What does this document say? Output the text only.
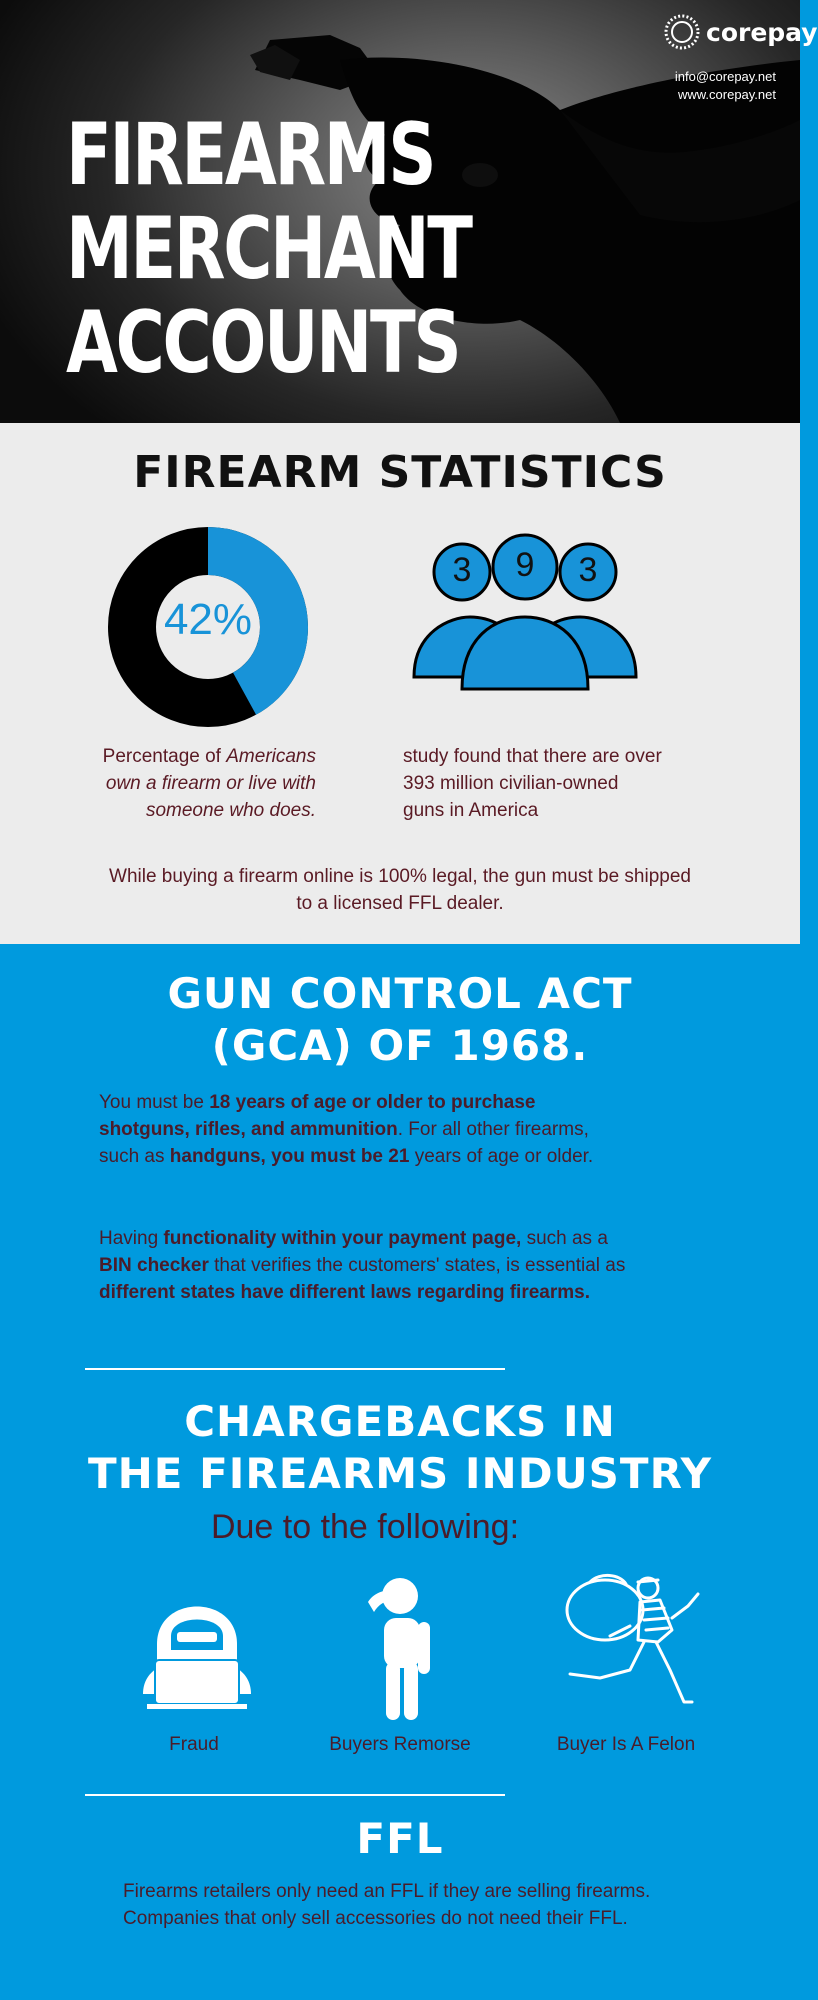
FIREARMS
MERCHANT
ACCOUNTS
corepay
info@corepay.net
www.corepay.net
FIREARM STATISTICS
42%
3	9	3
Percentage of Americans own a firearm or live with someone who does.
study found that there are over 393 million civilian-owned guns in America
While buying a firearm online is 100% legal, the gun must be shipped to a licensed FFL dealer.
GUN CONTROL ACT
(GCA) OF 1968.
You must be 18 years of age or older to purchase shotguns, rifles, and ammunition. For all other firearms, such as handguns, you must be 21 years of age or older.
Having functionality within your payment page, such as a BIN checker that verifies the customers' states, is essential as different states have different laws regarding firearms.
CHARGEBACKS IN
THE FIREARMS INDUSTRY
Due to the following:
Fraud	Buyers Remorse	Buyer Is A Felon
FFL
Firearms retailers only need an FFL if they are selling firearms. Companies that only sell accessories do not need their FFL.
